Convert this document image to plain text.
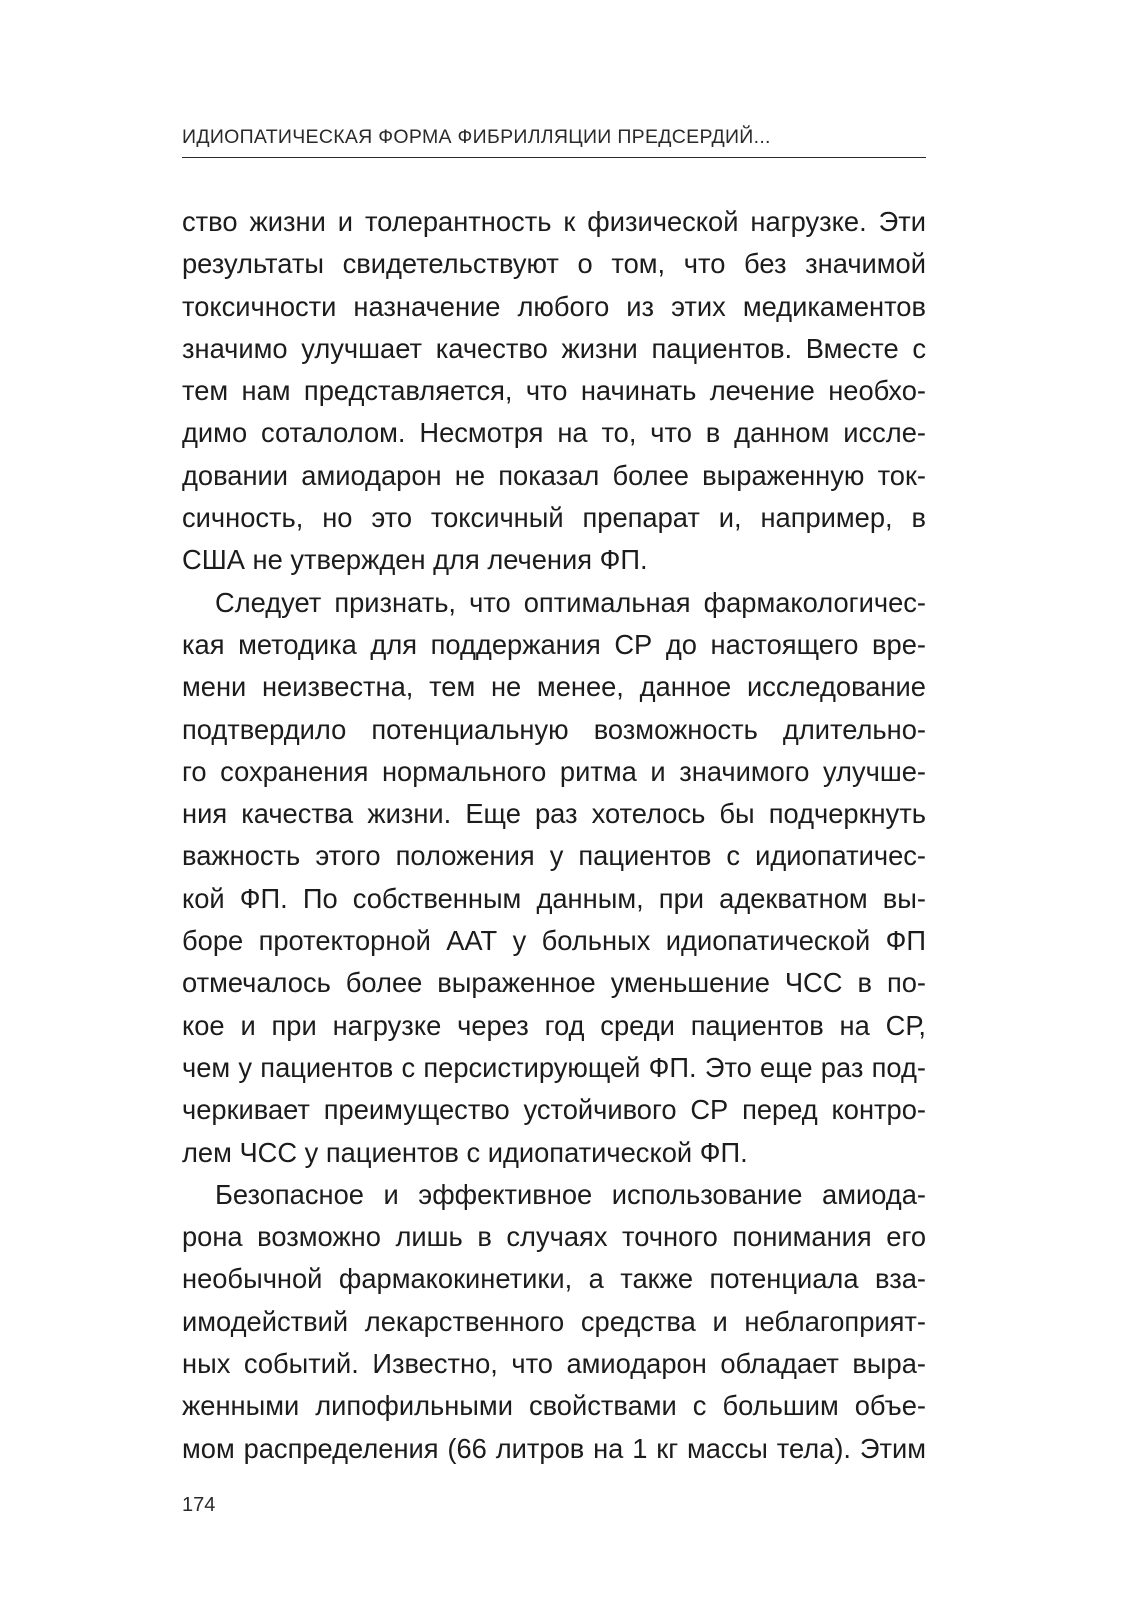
ИДИОПАТИЧЕСКАЯ ФОРМА ФИБРИЛЛЯЦИИ ПРЕДСЕРДИЙ...
ство жизни и толерантность к физической нагрузке. Эти
результаты свидетельствуют о том, что без значимой
токсичности назначение любого из этих медикаментов
значимо улучшает качество жизни пациентов. Вместе с
тем нам представляется, что начинать лечение необхо-
димо соталолом. Несмотря на то, что в данном иссле-
довании амиодарон не показал более выраженную ток-
сичность, но это токсичный препарат и, например, в
США не утвержден для лечения ФП.
Следует признать, что оптимальная фармакологичес-
кая методика для поддержания СР до настоящего вре-
мени неизвестна, тем не менее, данное исследование
подтвердило потенциальную возможность длительно-
го сохранения нормального ритма и значимого улучше-
ния качества жизни. Еще раз хотелось бы подчеркнуть
важность этого положения у пациентов с идиопатичес-
кой ФП. По собственным данным, при адекватном вы-
боре протекторной ААТ у больных идиопатической ФП
отмечалось более выраженное уменьшение ЧСС в по-
кое и при нагрузке через год среди пациентов на СР,
чем у пациентов с персистирующей ФП. Это еще раз под-
черкивает преимущество устойчивого СР перед контро-
лем ЧСС у пациентов с идиопатической ФП.
Безопасное и эффективное использование амиода-
рона возможно лишь в случаях точного понимания его
необычной фармакокинетики, а также потенциала вза-
имодействий лекарственного средства и неблагоприят-
ных событий. Известно, что амиодарон обладает выра-
женными липофильными свойствами с большим объе-
мом распределения (66 литров на 1 кг массы тела). Этим
174
